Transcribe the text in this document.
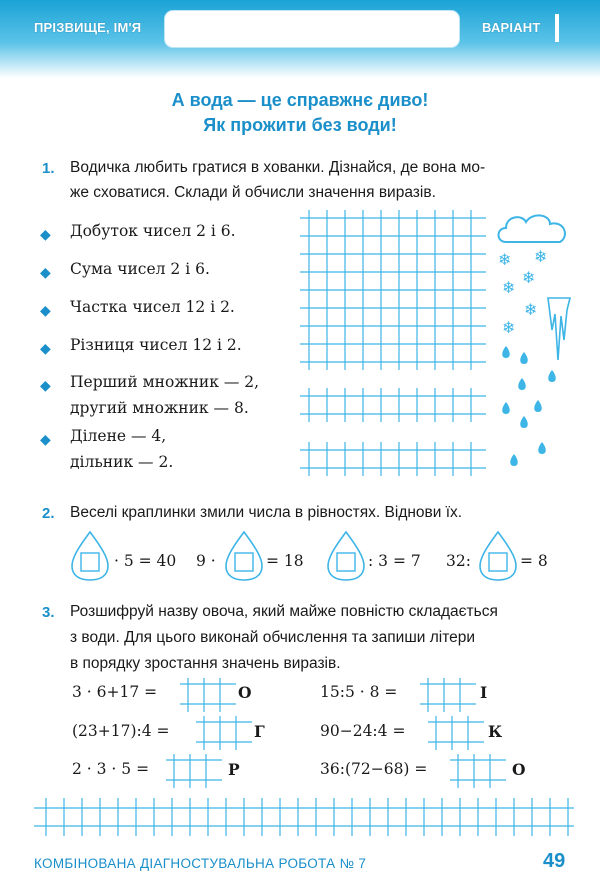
ПРІЗВИЩЕ, ІМ'Я	ВАРІАНТ
А вода — це справжнє диво!
Як прожити без води!
1. Водичка любить гратися в хованки. Дізнайся, де вона мо-
же сховатися. Склади й обчисли значення виразів.
◆ Добуток чисел 2 і 6.
◆ Сума чисел 2 і 6.
◆ Частка чисел 12 і 2.
◆ Різниця чисел 12 і 2.
◆ Перший множник — 2,
другий множник — 8.
◆ Ділене — 4,
дільник — 2.
❄ ❄
❄
❄
❄
❄
2. Веселі краплинки змили числа в рівностях. Віднови їх.
· 5 = 40 9 ·	= 18	: 3 = 7 32:	= 8
3. Розшифруй назву овоча, який майже повністю складається
з води. Для цього виконай обчислення та запиши літери
в порядку зростання значень виразів.
3 · 6+17 =	О	15:5 · 8 =	І
(23+17):4 =	Г	90−24:4 =	К
2 · 3 · 5 =	Р	36:(72−68) =	О
КОМБІНОВАНА ДІАГНОСТУВАЛЬНА РОБОТА № 7	49
